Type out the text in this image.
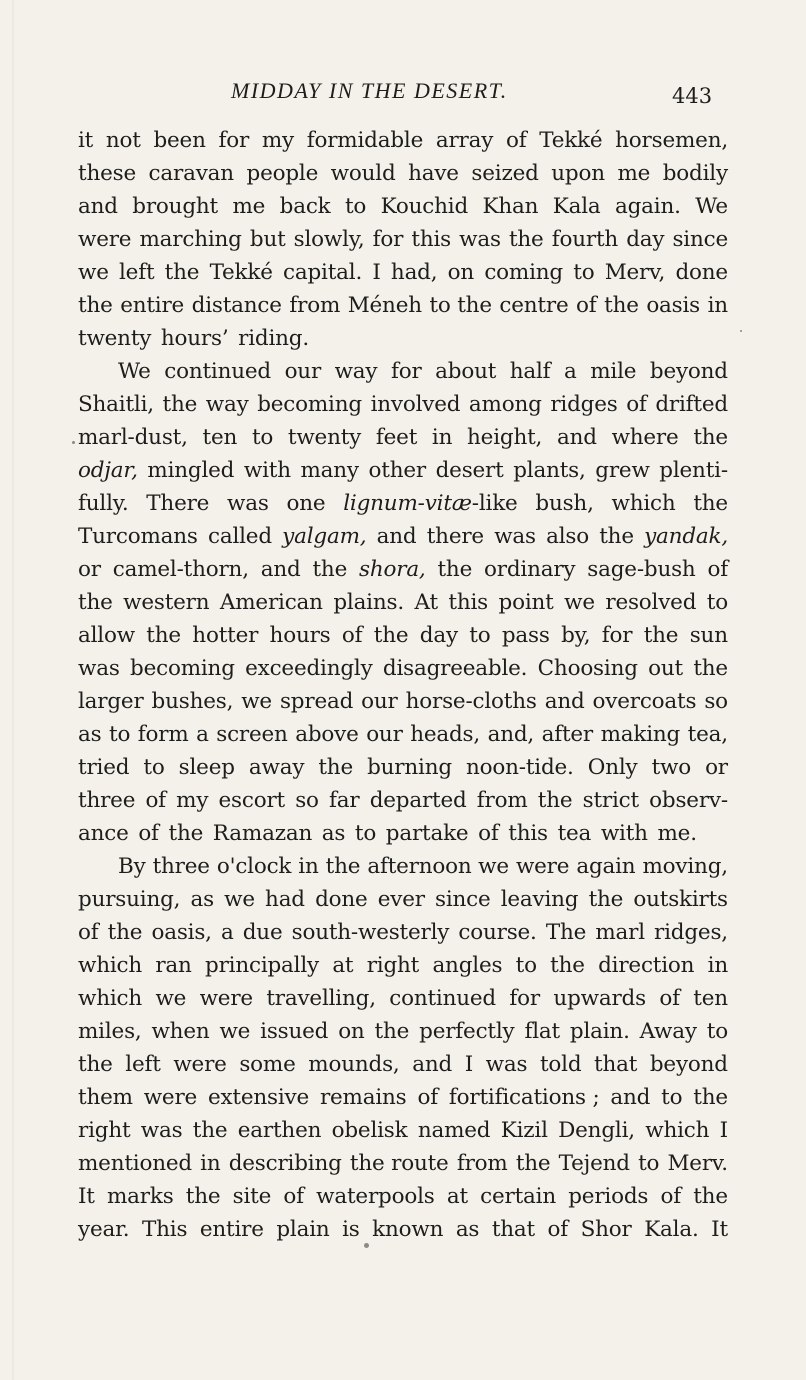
MIDDAY IN THE DESERT.	443
it not been for my formidable array of Tekké horsemen,
these caravan people would have seized upon me bodily
and brought me back to Kouchid Khan Kala again. We
were marching but slowly, for this was the fourth day since
we left the Tekké capital. I had, on coming to Merv, done
the entire distance from Méneh to the centre of the oasis in
twenty hours’ riding.
We continued our way for about half a mile beyond
Shaitli, the way becoming involved among ridges of drifted
marl-dust, ten to twenty feet in height, and where the
odjar, mingled with many other desert plants, grew plenti-
fully. There was one lignum-vitæ-like bush, which the
Turcomans called yalgam, and there was also the yandak,
or camel-thorn, and the shora, the ordinary sage-bush of
the western American plains. At this point we resolved to
allow the hotter hours of the day to pass by, for the sun
was becoming exceedingly disagreeable. Choosing out the
larger bushes, we spread our horse-cloths and overcoats so
as to form a screen above our heads, and, after making tea,
tried to sleep away the burning noon-tide. Only two or
three of my escort so far departed from the strict observ-
ance of the Ramazan as to partake of this tea with me.
By three o'clock in the afternoon we were again moving,
pursuing, as we had done ever since leaving the outskirts
of the oasis, a due south-westerly course. The marl ridges,
which ran principally at right angles to the direction in
which we were travelling, continued for upwards of ten
miles, when we issued on the perfectly flat plain. Away to
the left were some mounds, and I was told that beyond
them were extensive remains of fortifications ; and to the
right was the earthen obelisk named Kizil Dengli, which I
mentioned in describing the route from the Tejend to Merv.
It marks the site of waterpools at certain periods of the
year. This entire plain is known as that of Shor Kala. It
